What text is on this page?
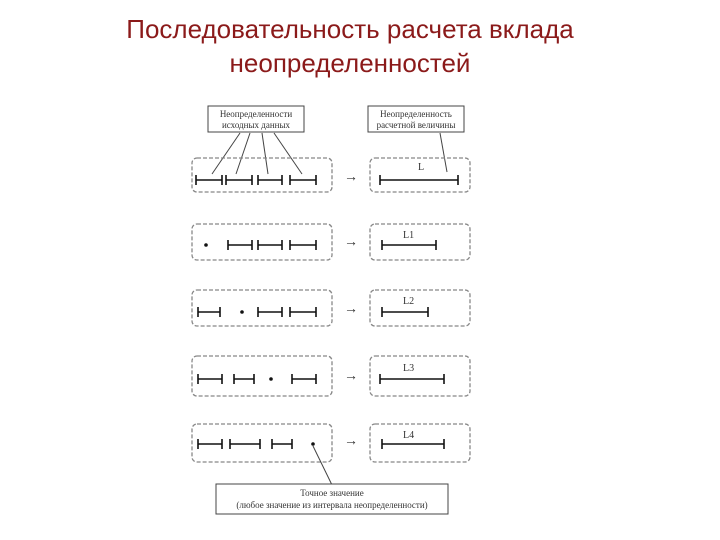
Последовательность расчета вклада
неопределенностей
Неопределенности
исходных данных
Неопределенность
расчетной величины
→
L
→	L1
→
L2
→
L3
→	L4
Точное значение
(любое значение из интервала неопределенности)
